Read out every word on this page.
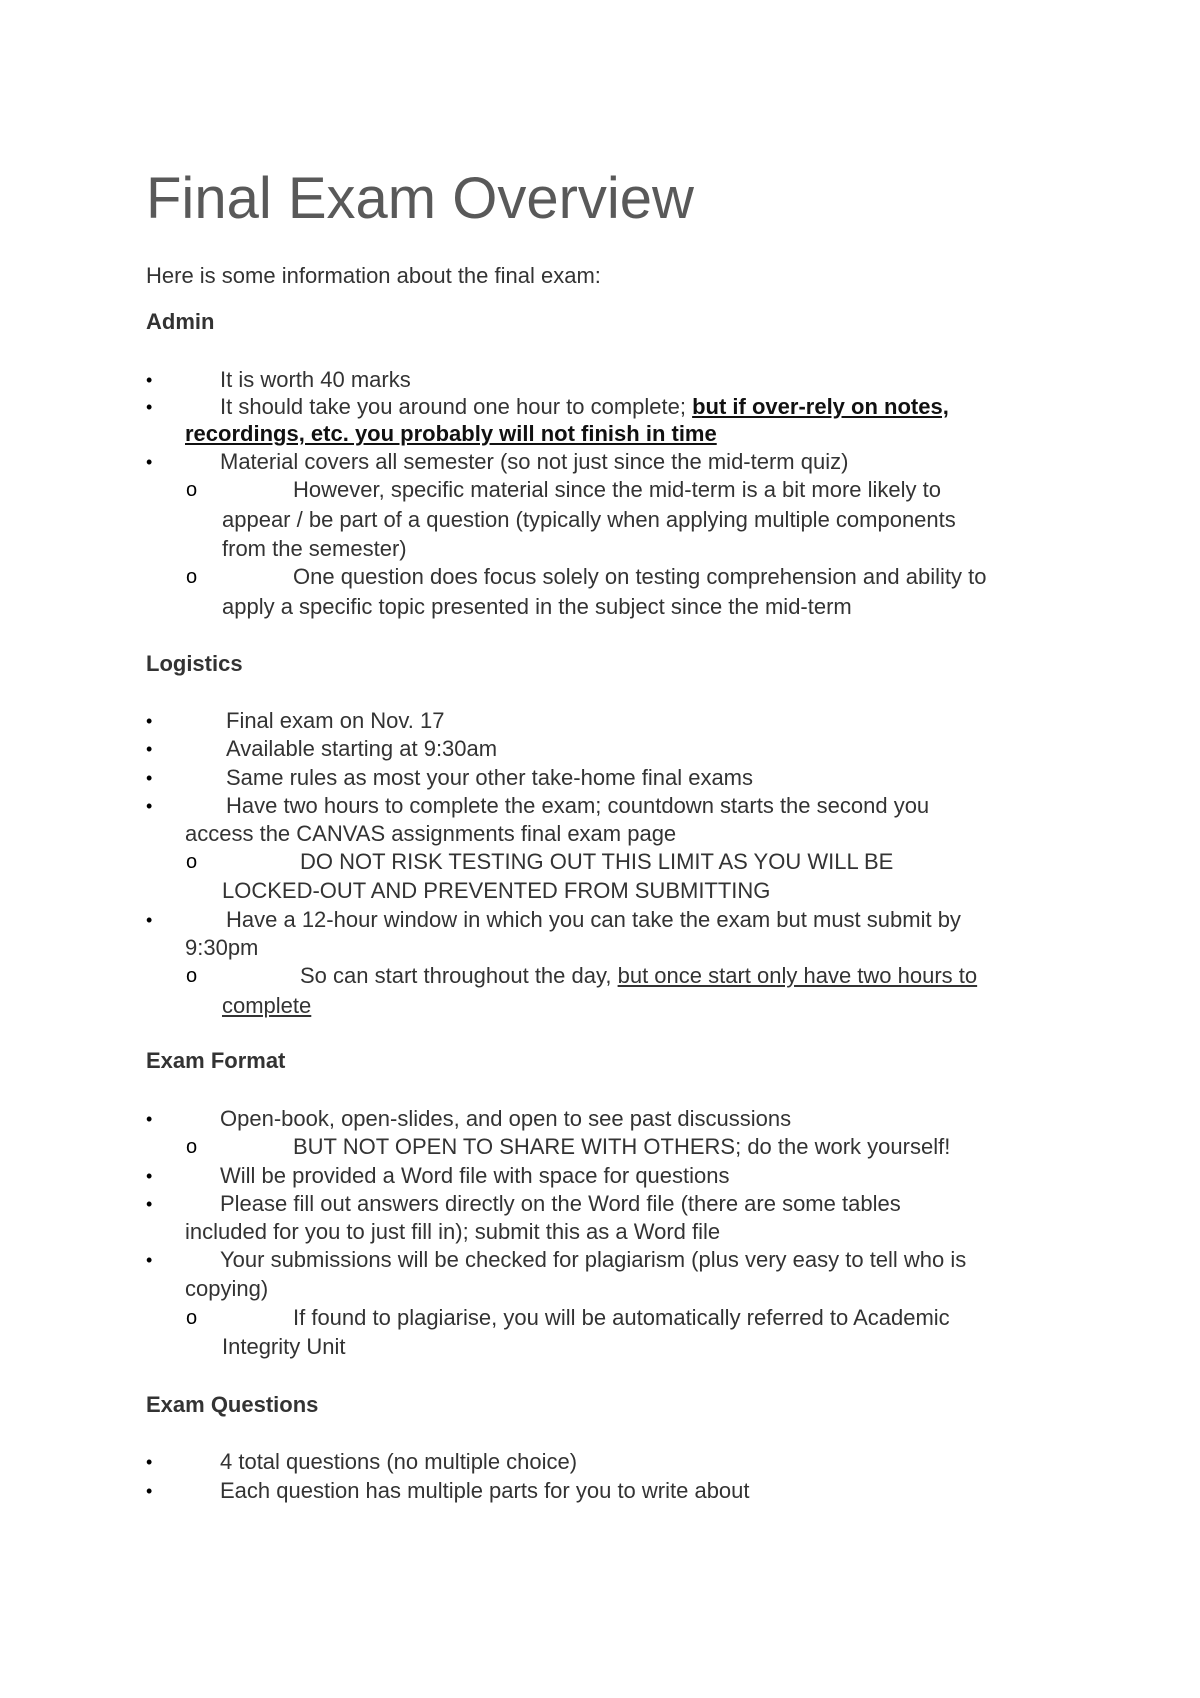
Final Exam Overview
Here is some information about the final exam:
Admin
•	It is worth 40 marks
•	It should take you around one hour to complete; but if over-rely on notes,
recordings, etc. you probably will not finish in time
•	Material covers all semester (so not just since the mid-term quiz)
o	However, specific material since the mid-term is a bit more likely to
appear / be part of a question (typically when applying multiple components
from the semester)
o	One question does focus solely on testing comprehension and ability to
apply a specific topic presented in the subject since the mid-term
Logistics
•	Final exam on Nov. 17
•	Available starting at 9:30am
•	Same rules as most your other take-home final exams
•	Have two hours to complete the exam; countdown starts the second you
access the CANVAS assignments final exam page
o	DO NOT RISK TESTING OUT THIS LIMIT AS YOU WILL BE
LOCKED-OUT AND PREVENTED FROM SUBMITTING
•	Have a 12-hour window in which you can take the exam but must submit by
9:30pm
o	So can start throughout the day, but once start only have two hours to
complete
Exam Format
•	Open-book, open-slides, and open to see past discussions
o	BUT NOT OPEN TO SHARE WITH OTHERS; do the work yourself!
•	Will be provided a Word file with space for questions
•	Please fill out answers directly on the Word file (there are some tables
included for you to just fill in); submit this as a Word file
•	Your submissions will be checked for plagiarism (plus very easy to tell who is
copying)
o	If found to plagiarise, you will be automatically referred to Academic
Integrity Unit
Exam Questions
•	4 total questions (no multiple choice)
•	Each question has multiple parts for you to write about
